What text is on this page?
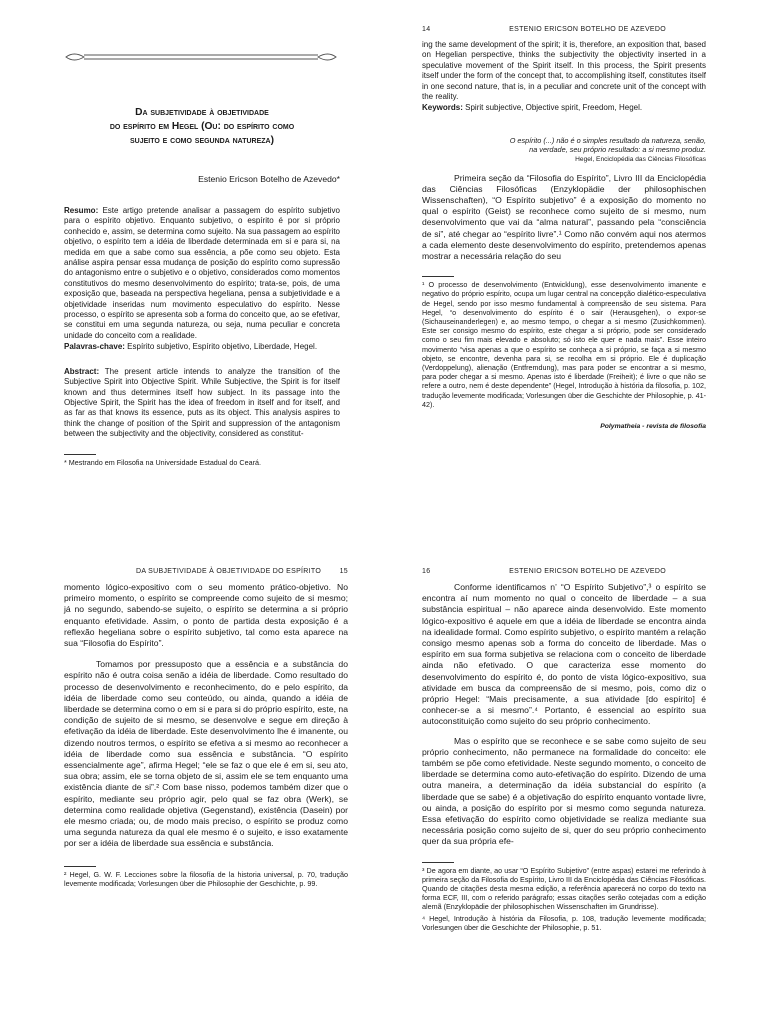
Da subjetividade à objetividade
do espírito em Hegel (Ou: do espírito como
sujeito e como segunda natureza)
Estenio Ericson Botelho de Azevedo*

Resumo: Este artigo pretende analisar a passagem do espírito subjetivo para o espírito objetivo. Enquanto subjetivo, o espírito é por si próprio conhecido e, assim, se determina como sujeito. Na sua passagem ao espírito objetivo, o espírito tem a idéia de liberdade determinada em si e para si, na medida em que a sabe como sua essência, a põe como seu objeto. Esta análise aspira pensar essa mudança de posição do espírito como supressão do antagonismo entre o subjetivo e o objetivo, considerados como momentos constitutivos do mesmo desenvolvimento do espírito; trata-se, pois, de uma exposição que, baseada na perspectiva hegeliana, pensa a subjetividade e a objetividade inseridas num movimento especulativo do espírito. Nesse processo, o espírito se apresenta sob a forma do conceito que, ao se efetivar, se constitui em uma segunda natureza, ou seja, numa peculiar e concreta unidade do conceito com a realidade.

Palavras-chave: Espírito subjetivo, Espírito objetivo, Liberdade, Hegel.

Abstract: The present article intends to analyze the transition of the Subjective Spirit into Objective Spirit. While Subjective, the Spirit is for itself known and thus determines itself how subject. In its passage into the Objective Spirit, the Spirit has the idea of freedom in itself and for itself, and as far as that knows its essence, puts as its object. This analysis aspires to think the change of position of the Spirit and suppression of the antagonism between the subjectivity and the objectivity, considered as constitut-

* Mestrando em Filosofia na Universidade Estadual do Ceará.

14	ESTENIO ERICSON BOTELHO DE AZEVEDO

ing the same development of the spirit; it is, therefore, an exposition that, based on Hegelian perspective, thinks the subjectivity the objectivity inserted in a speculative movement of the Spirit itself. In this process, the Spirit presents itself under the form of the concept that, to accomplishing itself, constitutes itself in one second nature, that is, in a peculiar and concrete unit of the concept with the reality.

Keywords: Spirit subjective, Objective spirit, Freedom, Hegel.

O espírito (...) não é o simples resultado da natureza, senão,
na verdade, seu próprio resultado: a si mesmo produz.
Hegel, Enciclopédia das Ciências Filosóficas

Primeira seção da “Filosofia do Espírito”, Livro III da Enciclopédia das Ciências Filosóficas (Enzyklopädie der philosophischen Wissenschaften), “O Espírito subjetivo” é a exposição do momento no qual o espírito (Geist) se reconhece como sujeito de si mesmo, num desenvolvimento que vai da “alma natural”, passando pela “consciência de si”, até chegar ao “espírito livre”.¹ Como não convém aqui nos atermos a cada elemento deste desenvolvimento do espírito, pretendemos apenas mostrar a necessária relação do seu

¹ O processo de desenvolvimento (Entwicklung), esse desenvolvimento imanente e negativo do próprio espírito, ocupa um lugar central na concepção dialético-especulativa de Hegel, sendo por isso mesmo fundamental à compreensão de seu sistema. Para Hegel, “o desenvolvimento do espírito é o sair (Herausgehen), o expor-se (Sichauseinanderlegen) e, ao mesmo tempo, o chegar a si mesmo (Zusichkommen). Este ser consigo mesmo do espírito, este chegar a si próprio, pode ser considerado como o seu fim mais elevado e absoluto; só isto ele quer e nada mais”. Esse inteiro movimento “visa apenas a que o espírito se conheça a si próprio, se faça a si mesmo objeto, se encontre, devenha para si, se recolha em si próprio. Ele é duplicação (Verdoppelung), alienação (Entfremdung), mas para poder se encontrar a si mesmo, para poder chegar a si mesmo. Apenas isto é liberdade (Freiheit); é livre o que não se refere a outro, nem é deste dependente” (Hegel, Introdução à história da filosofia, p. 102, tradução levemente modificada; Vorlesungen über die Geschichte der Philosophie, p. 41-42).

Polymatheia - revista de filosofia
DA SUBJETIVIDADE À OBJETIVIDADE DO ESPÍRITO	15

momento lógico-expositivo com o seu momento prático-objetivo. No primeiro momento, o espírito se compreende como sujeito de si mesmo; já no segundo, sabendo-se sujeito, o espírito se determina a si próprio enquanto efetividade. Assim, o ponto de partida desta exposição é a reflexão hegeliana sobre o espírito subjetivo, tal como esta aparece na sua “Filosofia do Espírito”.

Tomamos por pressuposto que a essência e a substância do espírito não é outra coisa senão a idéia de liberdade. Como resultado do processo de desenvolvimento e reconhecimento, do e pelo espírito, da idéia de liberdade como seu conteúdo, ou ainda, quando a idéia de liberdade se determina como o em si e para si do próprio espírito, este, na condição de sujeito de si mesmo, se desenvolve e segue em direção à efetivação da idéia de liberdade. Este desenvolvimento lhe é imanente, ou dizendo noutros termos, o espírito se efetiva a si mesmo ao reconhecer a idéia de liberdade como sua essência e substância. “O espírito essencialmente age”, afirma Hegel; “ele se faz o que ele é em si, seu ato, sua obra; assim, ele se torna objeto de si, assim ele se tem enquanto uma existência diante de si”.² Com base nisso, podemos também dizer que o espírito, mediante seu próprio agir, pelo qual se faz obra (Werk), se determina como realidade objetiva (Gegenstand), existência (Dasein) por ele mesmo criada; ou, de modo mais preciso, o espírito se produz como uma segunda natureza da qual ele mesmo é o sujeito, e isso exatamente por ser a idéia de liberdade sua essência e substância.

² Hegel, G. W. F. Lecciones sobre la filosofía de la historia universal, p. 70, tradução levemente modificada; Vorlesungen über die Philosophie der Geschichte, p. 99.

16	ESTENIO ERICSON BOTELHO DE AZEVEDO

Conforme identificamos n’ “O Espírito Subjetivo”,³ o espírito se encontra aí num momento no qual o conceito de liberdade – a sua substância espiritual – não aparece ainda desenvolvido. Este momento lógico-expositivo é aquele em que a idéia de liberdade se encontra ainda na idealidade formal. Como espírito subjetivo, o espírito mantém a relação consigo mesmo apenas sob a forma do conceito de liberdade. Mas o espírito em sua forma subjetiva se relaciona com o conceito de liberdade ainda não efetivado. O que caracteriza esse momento do desenvolvimento do espírito é, do ponto de vista lógico-expositivo, sua atividade em busca da compreensão de si mesmo, pois, como diz o próprio Hegel: “Mais precisamente, a sua atividade [do espírito] é conhecer-se a si mesmo”.⁴ Portanto, é essencial ao espírito sua autoconstituição como sujeito do seu próprio conhecimento.

Mas o espírito que se reconhece e se sabe como sujeito de seu próprio conhecimento, não permanece na formalidade do conceito: ele também se põe como efetividade. Neste segundo momento, o conceito de liberdade se determina como auto-efetivação do espírito. Dizendo de uma outra maneira, a determinação da idéia substancial do espírito (a liberdade que se sabe) é a objetivação do espírito enquanto vontade livre, ou ainda, a posição do espírito por si mesmo como segunda natureza. Essa efetivação do espírito como objetividade se realiza mediante sua necessária posição como sujeito de si, quer do seu próprio conhecimento quer da sua própria efe-

³ De agora em diante, ao usar “O Espírito Subjetivo” (entre aspas) estarei me referindo à primeira seção da Filosofia do Espírito, Livro III da Enciclopédia das Ciências Filosóficas. Quando de citações desta mesma edição, a referência aparecerá no corpo do texto na forma ECF, III, com o referido parágrafo; essas citações serão cotejadas com a edição alemã (Enzyklopädie der philosophischen Wissenschaften im Grundrisse).

⁴ Hegel, Introdução à história da Filosofia, p. 108, tradução levemente modificada; Vorlesungen über die Geschichte der Philosophie, p. 51.
